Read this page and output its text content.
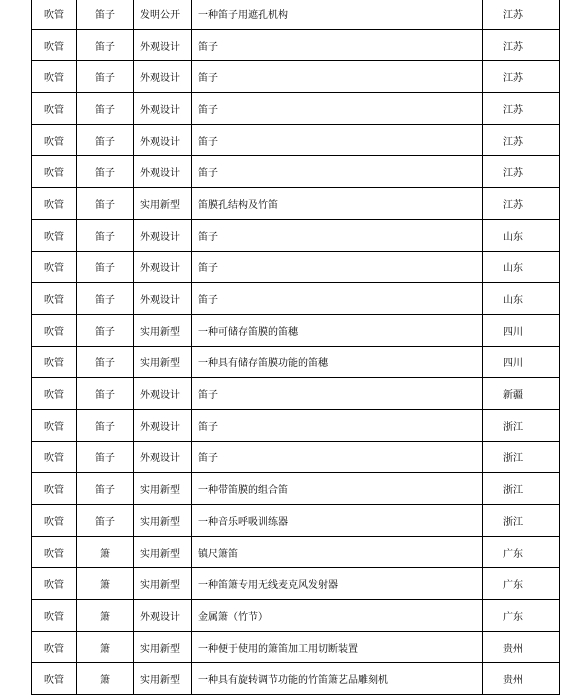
吹管	笛子	发明公开	一种笛子用遮孔机构	江苏
吹管	笛子	外观设计	笛子	江苏
吹管	笛子	外观设计	笛子	江苏
吹管	笛子	外观设计	笛子	江苏
吹管	笛子	外观设计	笛子	江苏
吹管	笛子	外观设计	笛子	江苏
吹管	笛子	实用新型	笛膜孔结构及竹笛	江苏
吹管	笛子	外观设计	笛子	山东
吹管	笛子	外观设计	笛子	山东
吹管	笛子	外观设计	笛子	山东
吹管	笛子	实用新型	一种可储存笛膜的笛穗	四川
吹管	笛子	实用新型	一种具有储存笛膜功能的笛穗	四川
吹管	笛子	外观设计	笛子	新疆
吹管	笛子	外观设计	笛子	浙江
吹管	笛子	外观设计	笛子	浙江
吹管	笛子	实用新型	一种带笛膜的组合笛	浙江
吹管	笛子	实用新型	一种音乐呼吸训练器	浙江
吹管	箫	实用新型	镇尺箫笛	广东
吹管	箫	实用新型	一种笛箫专用无线麦克风发射器	广东
吹管	箫	外观设计	金属箫（竹节）	广东
吹管	箫	实用新型	一种便于使用的箫笛加工用切断装置	贵州
吹管	箫	实用新型	一种具有旋转调节功能的竹笛箫艺品雕刻机	贵州
